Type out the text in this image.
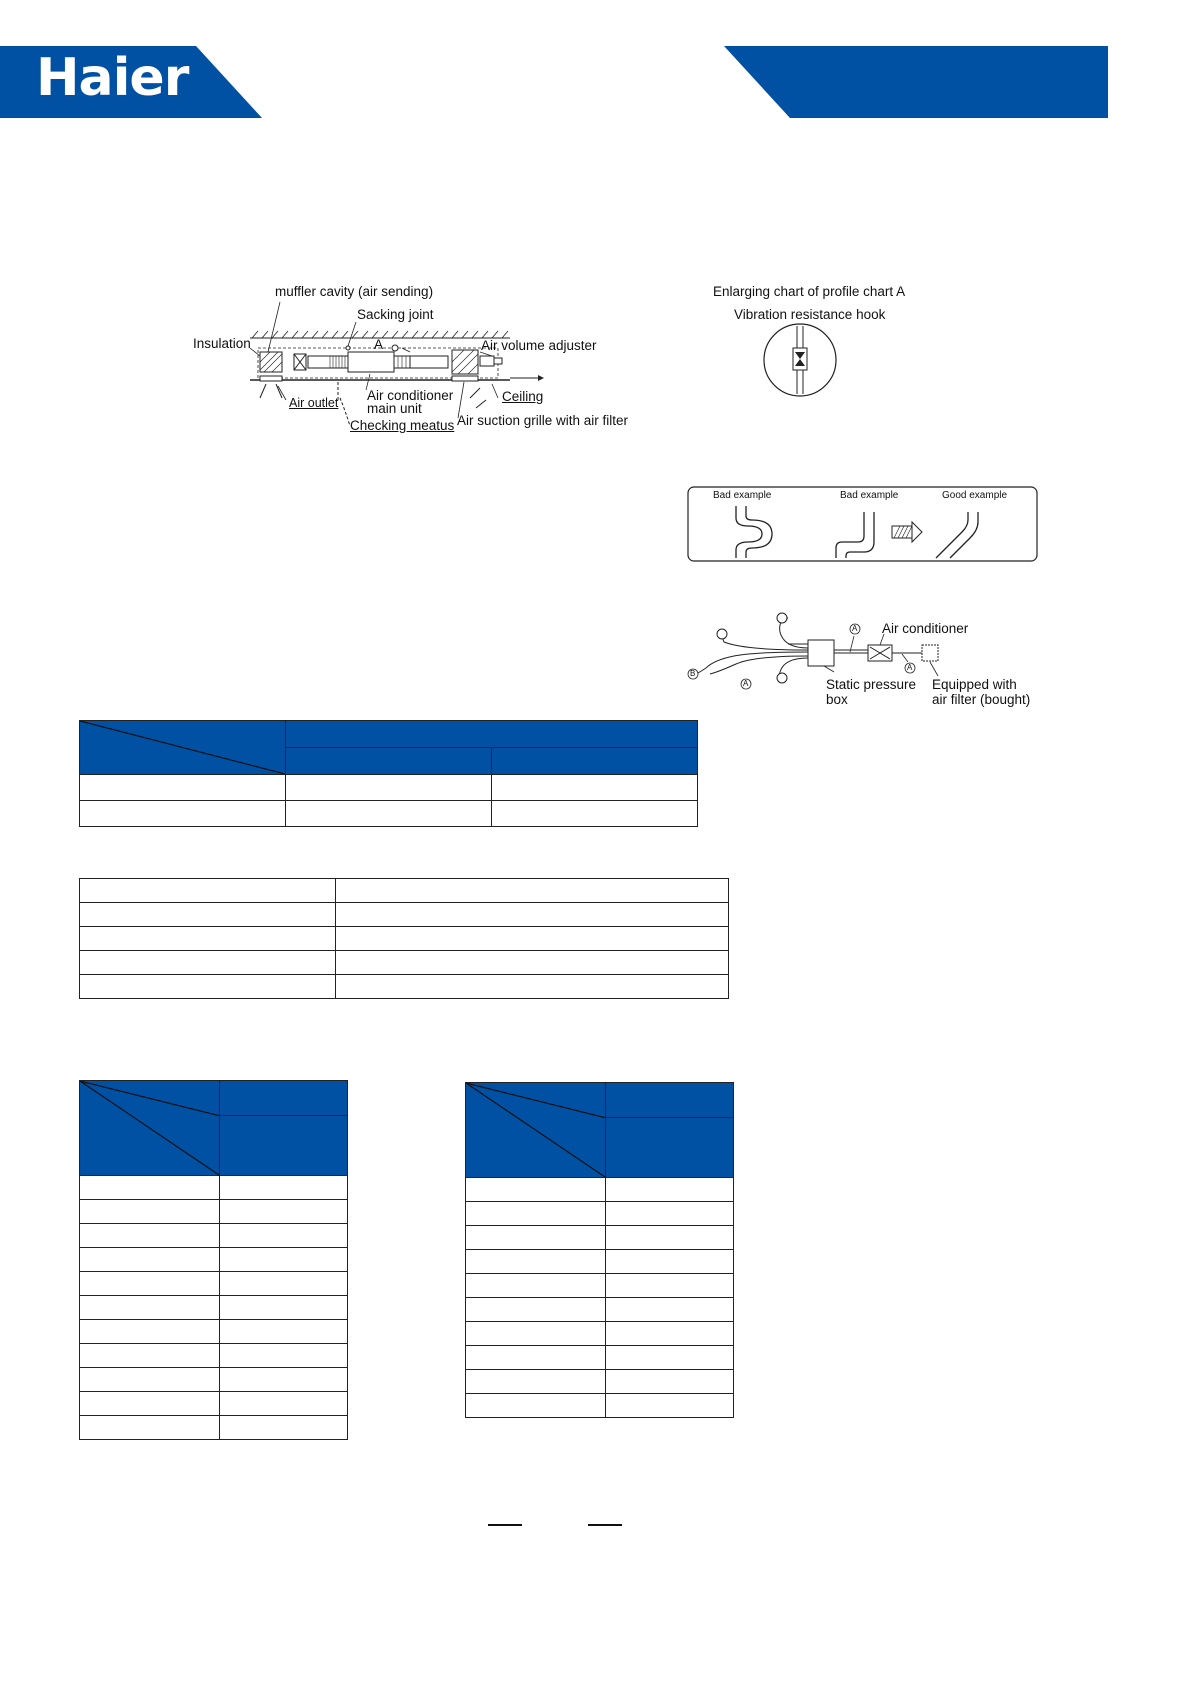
Haier
muffler cavity (air sending)
Sacking joint
Insulation	A	Air volume adjuster
Air conditioner
main unit
Ceiling
Air outlet
Checking meatus Air suction grille with air filter
Enlarging chart of profile chart A
Vibration resistance hook
Bad example	Bad example	Good example
A
A
A
B
Air conditioner
Static pressure
box
Equipped with
air filter (bought)
